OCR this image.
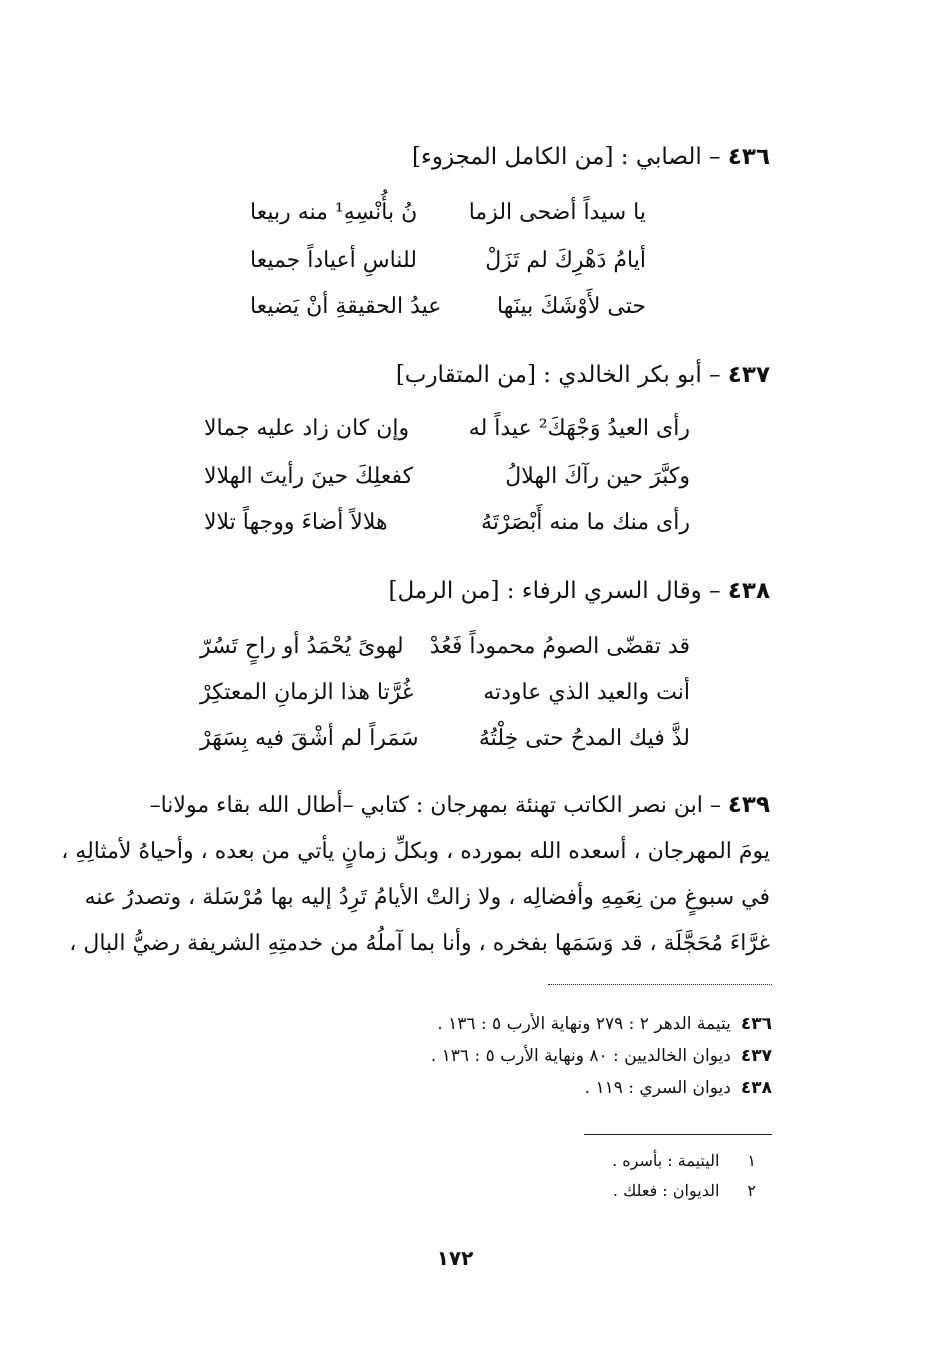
٤٣٦ – الصابي : [من الكامل المجزوء]
يا سيداً أضحى الزما
نُ بأُنْسِهِ¹ منه ربيعا
أيامُ دَهْرِكَ لم تَزَلْ
للناسِ أعياداً جميعا
حتى لأَوْشَكَ بينَها
عيدُ الحقيقةِ أنْ يَضيعا
٤٣٧ – أبو بكر الخالدي : [من المتقارب]
رأى العيدُ وَجْهَكَ² عيداً له
وإن كان زاد عليه جمالا
وكبَّرَ حين رآكَ الهلالُ
كفعلِكَ حينَ رأيتَ الهلالا
رأى منك ما منه أَبْصَرْتَهُ
هلالاً أضاءَ ووجهاً تلالا
٤٣٨ – وقال السري الرفاء : [من الرمل]
قد تقضّى الصومُ محموداً فَعُدْ
لهوىً يُحْمَدُ أو راحٍ تَسُرّ
أنت والعيد الذي عاودته
غُرَّتا هذا الزمانِ المعتكِرْ
لذَّ فيك المدحُ حتى خِلْتُهُ
سَمَراً لم أشْقَ فيه بِسَهَرْ
٤٣٩ – ابن نصر الكاتب تهنئة بمهرجان : كتابي –أطال الله بقاء مولانا–
يومَ المهرجان ، أسعده الله بمورده ، وبكلِّ زمانٍ يأتي من بعده ، وأحياهُ لأمثالِهِ ،
في سبوغٍ من نِعَمِهِ وأفضالِه ، ولا زالتْ الأيامُ تَرِدُ إليه بها مُرْسَلة ، وتصدرُ عنه
غرَّاءَ مُحَجَّلَة ، قد وَسَمَها بفخره ، وأنا بما آملُهُ من خدمتِهِ الشريفة رضيُّ البال ،
٤٣٦يتيمة الدهر ٢ : ٢٧٩ ونهاية الأرب ٥ : ١٣٦ .
٤٣٧ديوان الخالديين : ٨٠ ونهاية الأرب ٥ : ١٣٦ .
٤٣٨ديوان السري : ١١٩ .
١اليتيمة : بأسره .
٢الديوان : فعلك .
١٧٢
